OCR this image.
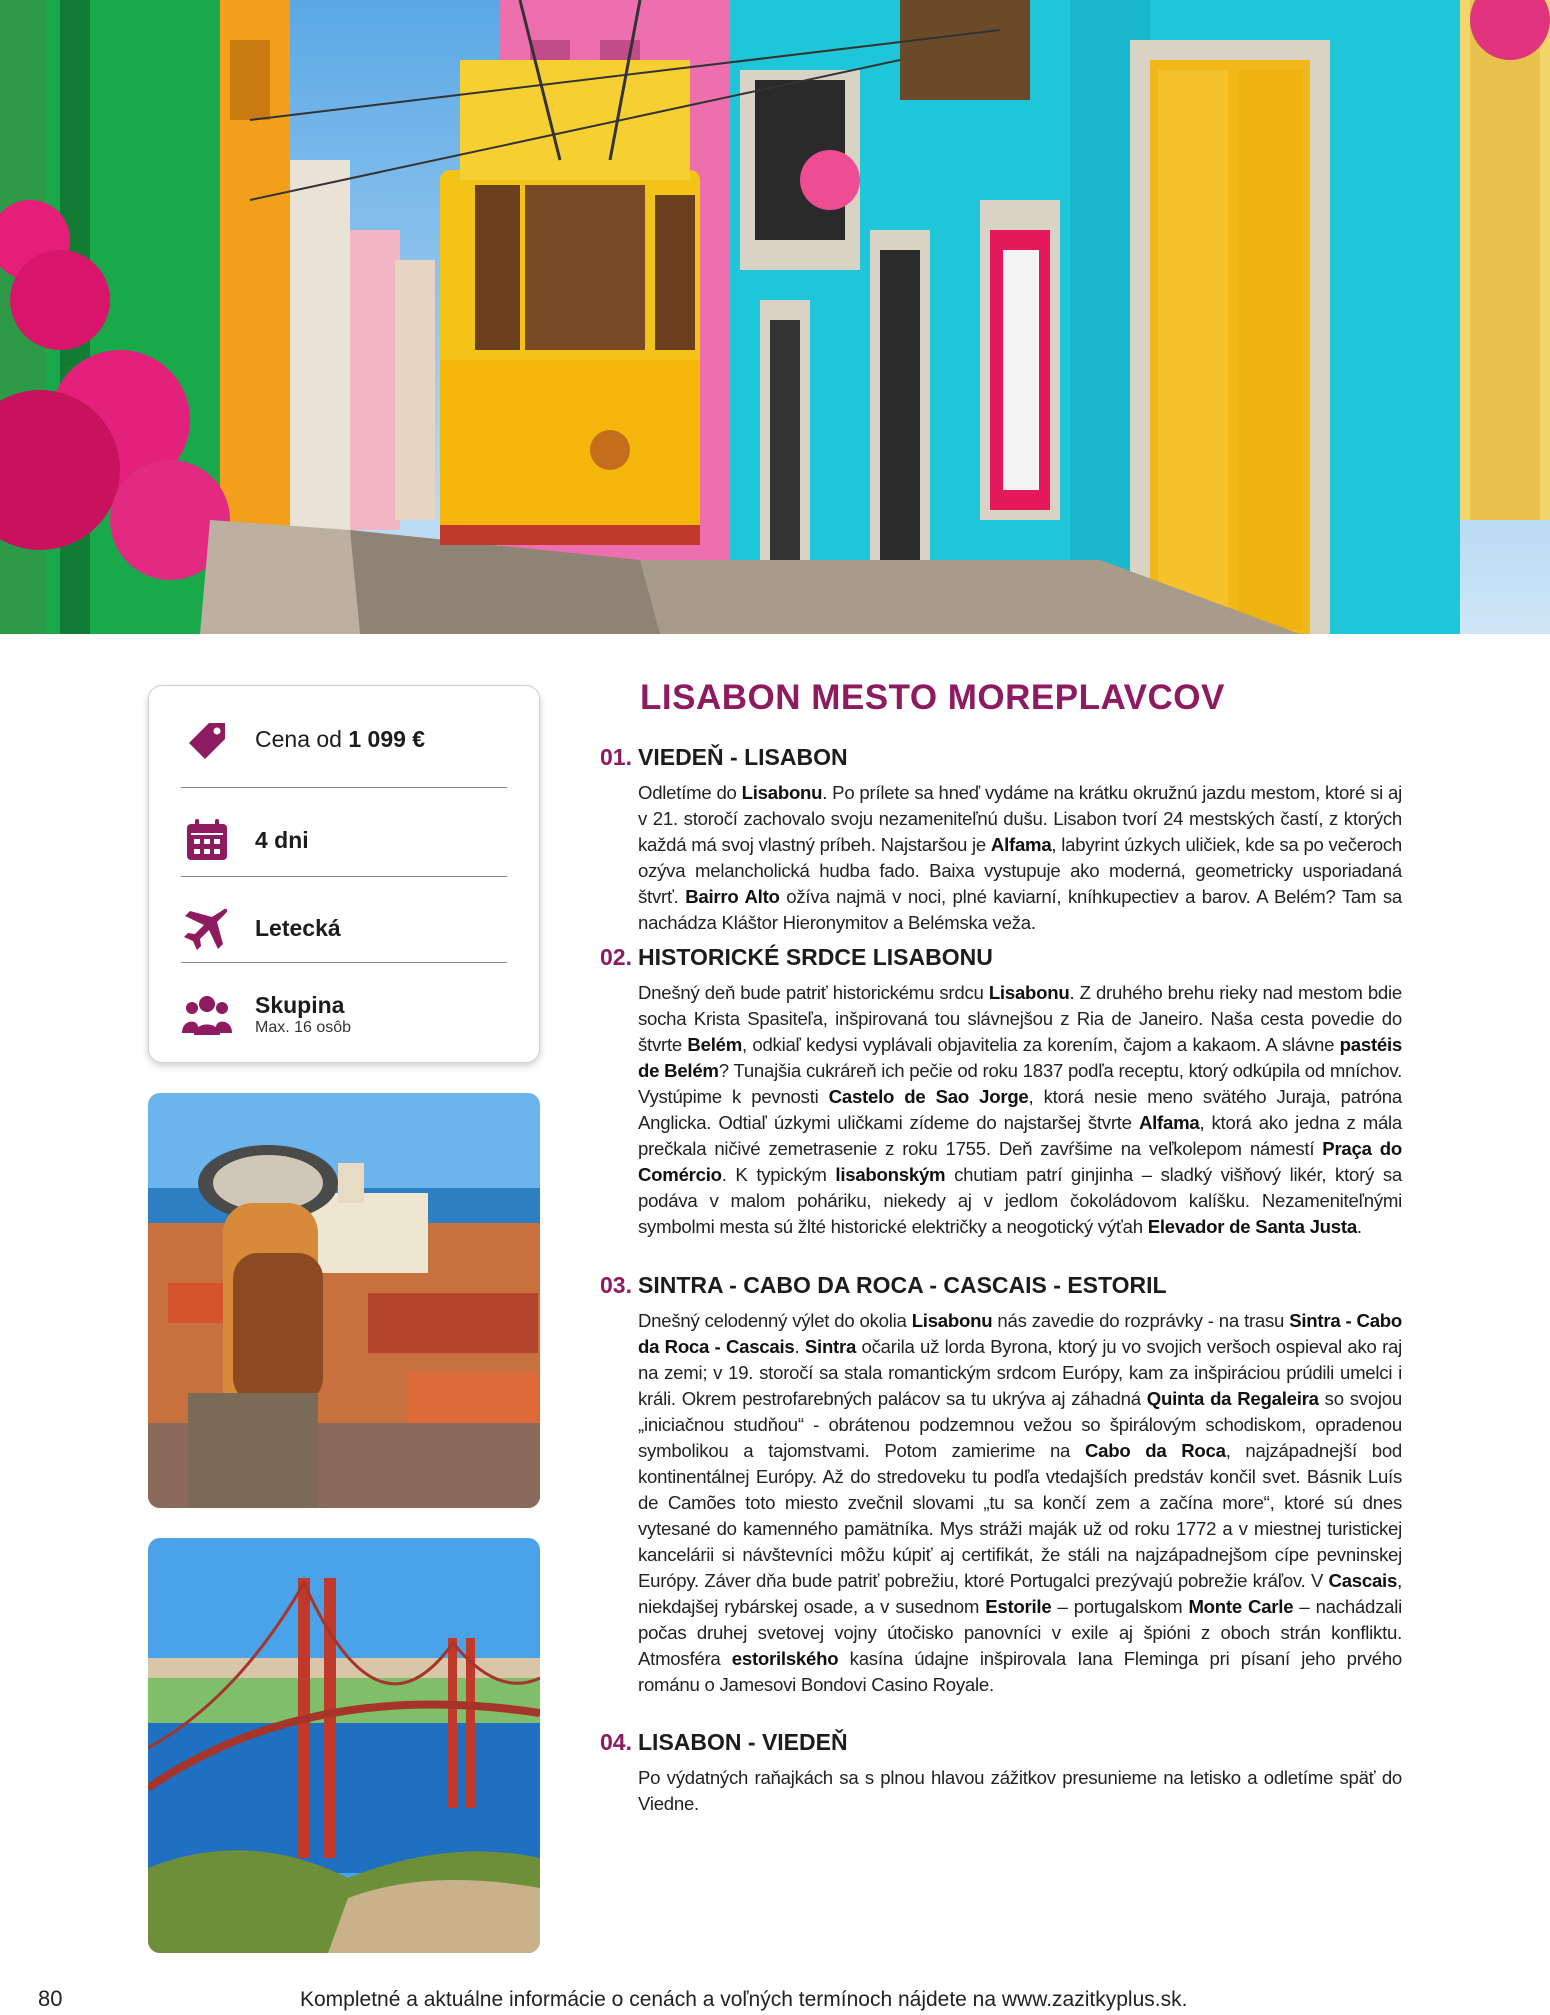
Cena od 1 099 €
4 dni
Letecká
Skupina
Max. 16 osôb
LISABON MESTO MOREPLAVCOV
01. VIEDEŇ - LISABON
Odletíme do Lisabonu. Po prílete sa hneď vydáme na krátku okružnú jazdu mestom, ktoré si aj v 21. storočí zachovalo svoju nezameniteľnú dušu. Lisabon tvorí 24 mestských častí, z ktorých každá má svoj vlastný príbeh. Najstaršou je Alfama, labyrint úzkych uličiek, kde sa po večeroch ozýva melancholická hudba fado. Baixa vystupuje ako moderná, geometricky usporiadaná štvrť. Bairro Alto ožíva najmä v noci, plné kaviarní, kníhkupectiev a barov. A Belém? Tam sa nachádza Kláštor Hieronymitov a Belémska veža.
02. HISTORICKÉ SRDCE LISABONU
Dnešný deň bude patriť historickému srdcu Lisabonu. Z druhého brehu rieky nad mestom bdie socha Krista Spasiteľa, inšpirovaná tou slávnejšou z Ria de Janeiro. Naša cesta povedie do štvrte Belém, odkiaľ kedysi vyplávali objavitelia za korením, čajom a kakaom. A slávne pastéis de Belém? Tunajšia cukráreň ich pečie od roku 1837 podľa receptu, ktorý odkúpila od mníchov. Vystúpime k pevnosti Castelo de Sao Jorge, ktorá nesie meno svätého Juraja, patróna Anglicka. Odtiaľ úzkymi uličkami zídeme do najstaršej štvrte Alfama, ktorá ako jedna z mála prečkala ničivé zemetrasenie z roku 1755. Deň zavŕšime na veľkolepom námestí Praça do Comércio. K typickým lisabonským chutiam patrí ginjinha – sladký višňový likér, ktorý sa podáva v malom poháriku, niekedy aj v jedlom čokoládovom kalíšku. Nezameniteľnými symbolmi mesta sú žlté historické električky a neogotický výťah Elevador de Santa Justa.
03. SINTRA - CABO DA ROCA - CASCAIS - ESTORIL
Dnešný celodenný výlet do okolia Lisabonu nás zavedie do rozprávky - na trasu Sintra - Cabo da Roca - Cascais. Sintra očarila už lorda Byrona, ktorý ju vo svojich veršoch ospieval ako raj na zemi; v 19. storočí sa stala romantickým srdcom Európy, kam za inšpiráciou prúdili umelci i králi. Okrem pestrofarebných palácov sa tu ukrýva aj záhadná Quinta da Regaleira so svojou „iniciačnou studňou“ - obrátenou podzemnou vežou so špirálovým schodiskom, opradenou symbolikou a tajomstvami. Potom zamierime na Cabo da Roca, najzápadnejší bod kontinentálnej Európy. Až do stredoveku tu podľa vtedajších predstáv končil svet. Básnik Luís de Camões toto miesto zvečnil slovami „tu sa končí zem a začína more“, ktoré sú dnes vytesané do kamenného pamätníka. Mys stráži maják už od roku 1772 a v miestnej turistickej kancelárii si návštevníci môžu kúpiť aj certifikát, že stáli na najzápadnejšom cípe pevninskej Európy. Záver dňa bude patriť pobrežiu, ktoré Portugalci prezývajú pobrežie kráľov. V Cascais, niekdajšej rybárskej osade, a v susednom Estorile – portugalskom Monte Carle – nachádzali počas druhej svetovej vojny útočisko panovníci v exile aj špióni z oboch strán konfliktu. Atmosféra estorilského kasína údajne inšpirovala Iana Fleminga pri písaní jeho prvého románu o Jamesovi Bondovi Casino Royale.
04. LISABON - VIEDEŇ
Po výdatných raňajkách sa s plnou hlavou zážitkov presunieme na letisko a odletíme späť do Viedne.
80	Kompletné a aktuálne informácie o cenách a voľných termínoch nájdete na www.zazitkyplus.sk.
